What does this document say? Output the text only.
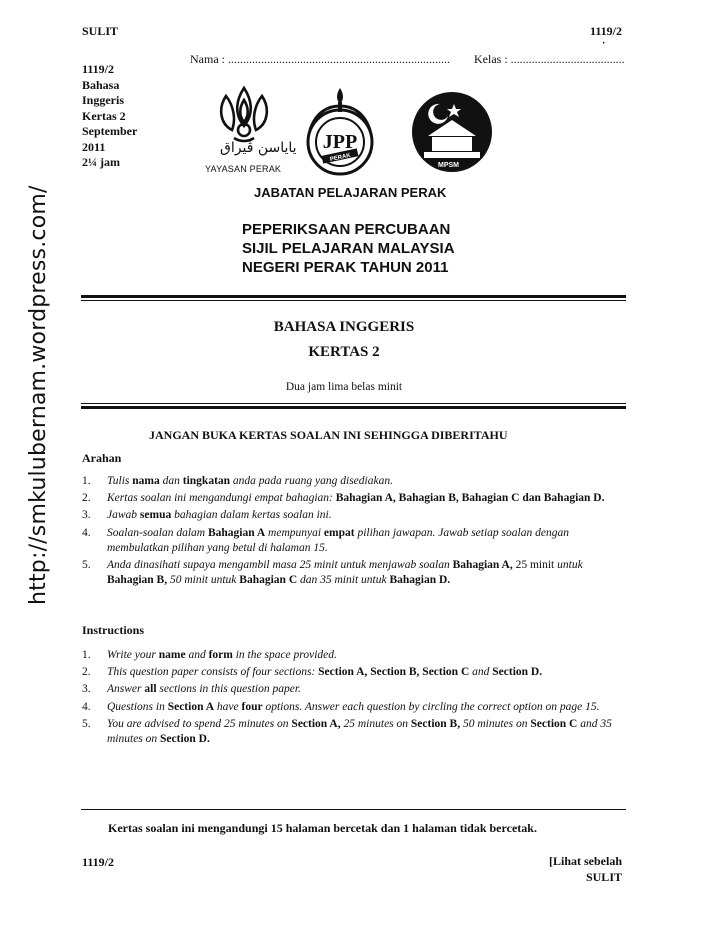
http://smkulubernam.wordpress.com/
SULIT	1119/2
·
1119/2
Bahasa
Inggeris
Kertas 2
September
2011
2¼ jam
Nama : .......................................................................... Kelas : ......................................
ياياسن ڤيراق
YAYASAN PERAK
JPP
PERAK
MPSM
JABATAN PELAJARAN PERAK
PEPERIKSAAN PERCUBAAN
SIJIL PELAJARAN MALAYSIA
NEGERI PERAK TAHUN 2011
BAHASA INGGERIS
KERTAS 2
Dua jam lima belas minit
JANGAN BUKA KERTAS SOALAN INI SEHINGGA DIBERITAHU
Arahan
1. Tulis nama dan tingkatan anda pada ruang yang disediakan.
2. Kertas soalan ini mengandungi empat bahagian: Bahagian A, Bahagian B, Bahagian C dan Bahagian D.
3. Jawab semua bahagian dalam kertas soalan ini.
4. Soalan-soalan dalam Bahagian A mempunyai empat pilihan jawapan. Jawab setiap soalan dengan membulatkan pilihan yang betul di halaman 15.
5. Anda dinasihati supaya mengambil masa 25 minit untuk menjawab soalan Bahagian A, 25 minit untuk Bahagian B, 50 minit untuk Bahagian C dan 35 minit untuk Bahagian D.
Instructions
1. Write your name and form in the space provided.
2. This question paper consists of four sections: Section A, Section B, Section C and Section D.
3. Answer all sections in this question paper.
4. Questions in Section A have four options. Answer each question by circling the correct option on page 15.
5. You are advised to spend 25 minutes on Section A, 25 minutes on Section B, 50 minutes on Section C and 35 minutes on Section D.
Kertas soalan ini mengandungi 15 halaman bercetak dan 1 halaman tidak bercetak.
1119/2	[Lihat sebelah
SULIT
